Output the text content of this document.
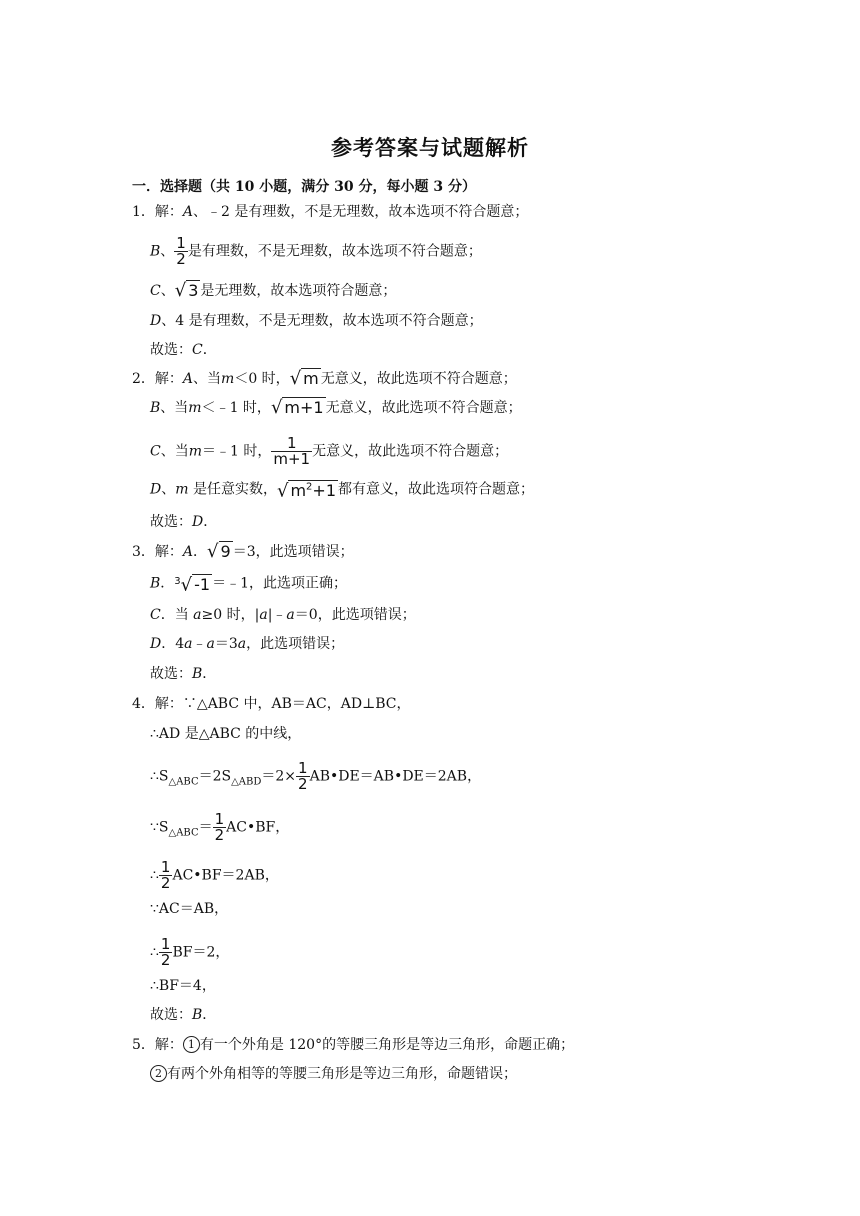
参考答案与试题解析
一．选择题（共 10 小题，满分 30 分，每小题 3 分）
1．解：A、﹣2 是有理数，不是无理数，故本选项不符合题意；
B、 $\frac{1}{2}$ 是有理数，不是无理数，故本选项不符合题意；
C、√ 3 是无理数，故本选项符合题意；
D、4 是有理数，不是无理数，故本选项不符合题意；
故选：C．
2．解：A、当m＜0 时，√ m 无意义，故此选项不符合题意；
B、当m＜﹣1 时，√ m+1 无意义，故此选项不符合题意；
C、当m＝﹣1 时， $\frac{1}{m+1}$ 无意义，故此选项不符合题意；
D、m 是任意实数，√ $m^2+1$ 都有意义，故此选项符合题意；
故选：D．
3．解：A．√ 9 ＝3，此选项错误；
B．$^3$√ -1 ＝﹣1，此选项正确；
C．当 a≥0 时，|a|﹣a＝0，此选项错误；
D．4a﹣a＝3a，此选项错误；
故选：B．
4．解：∵△ABC 中，AB＝AC，AD⊥BC，
∴AD 是△ABC 的中线，
$\therefore S_{\triangle ABC}=2S_{\triangle ABD}=2\times \frac{1}{2}$ AB•DE＝AB•DE＝2AB，
$\because S_{\triangle ABC}= \frac{1}{2}$ AC•BF，
∴ $\frac{1}{2}$ AC•BF＝2AB，
∵AC＝AB，
∴ $\frac{1}{2} BF=2$，
∴BF＝4，
故选：B．
5．解： 1 有一个外角是 120°的等腰三角形是等边三角形，命题正确；
2 有两个外角相等的等腰三角形是等边三角形，命题错误；
